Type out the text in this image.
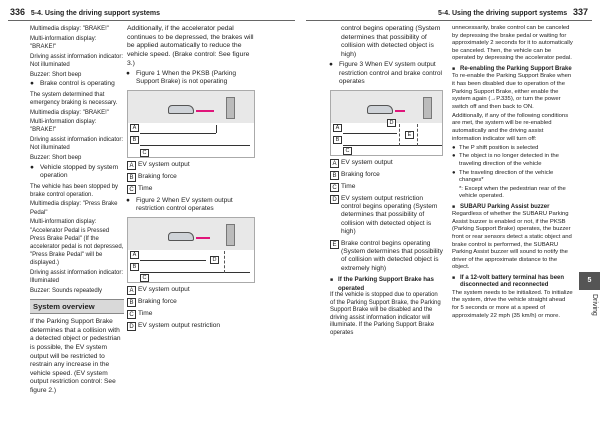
336 5-4. Using the driving support systems	5-4. Using the driving support systems 337
Multimedia display: "BRAKE!"
Multi-information display: "BRAKE!"
Driving assist information indicator: Not illuminated
Buzzer: Short beep
● Brake control is operating
The system determined that emergency braking is necessary.
Multimedia display: "BRAKE!"
Multi-information display: "BRAKE!"
Driving assist information indicator: Not illuminated
Buzzer: Short beep
● Vehicle stopped by system operation
The vehicle has been stopped by brake control operation.
Multimedia display: "Press Brake Pedal"
Multi-information display: "Accelerator Pedal is Pressed Press Brake Pedal" (If the accelerator pedal is not depressed, "Press Brake Pedal" will be displayed.)
Driving assist information indicator: Illuminated
Buzzer: Sounds repeatedly
System overview
If the Parking Support Brake determines that a collision with a detected object or pedestrian is possible, the EV system output will be restricted to restrain any increase in the vehicle speed. (EV system output restriction control: See figure 2.)
Additionally, if the accelerator pedal continues to be depressed, the brakes will be applied automatically to reduce the vehicle speed. (Brake control: See figure 3.)
● Figure 1 When the PKSB (Parking Support Brake) is not operating
A
B
C
A EV system output
B Braking force
C Time
● Figure 2 When EV system output restriction control operates
A
B
C
D
A EV system output
B Braking force
C Time
D EV system output restriction
control begins operating (System determines that possibility of collision with detected object is high)
● Figure 3 When EV system output restriction control and brake control operates
A
B
C
D
E
A EV system output
B Braking force
C Time
D EV system output restriction control begins operating (System determines that possibility of collision with detected object is high)
E Brake control begins operating (System determines that possibility of collision with detected object is extremely high)
■ If the Parking Support Brake has operated
If the vehicle is stopped due to operation of the Parking Support Brake, the Parking Support Brake will be disabled and the driving assist information indicator will illuminate. If the Parking Support Brake operates
unnecessarily, brake control can be canceled by depressing the brake pedal or waiting for approximately 2 seconds for it to automatically be canceled. Then, the vehicle can be operated by depressing the accelerator pedal.
■ Re-enabling the Parking Support Brake
To re-enable the Parking Support Brake when it has been disabled due to operation of the Parking Support Brake, either enable the system again (→P.335), or turn the power switch off and then back to ON.
Additionally, if any of the following conditions are met, the system will be re-enabled automatically and the driving assist information indicator will turn off:
● The P shift position is selected
● The object is no longer detected in the traveling direction of the vehicle
● The traveling direction of the vehicle changes*
*: Except when the pedestrian rear of the vehicle operated.
■ SUBARU Parking Assist buzzer
Regardless of whether the SUBARU Parking Assist buzzer is enabled or not, if the PKSB (Parking Support Brake) operates, the buzzer front or rear sensors detect a static object and brake control is performed, the SUBARU Parking Assist buzzer will sound to notify the driver of the approximate distance to the object.
■ If a 12-volt battery terminal has been disconnected and reconnected
The system needs to be initialized. To initialize the system, drive the vehicle straight ahead for 5 seconds or more at a speed of approximately 22 mph (35 km/h) or more.
5
Driving
